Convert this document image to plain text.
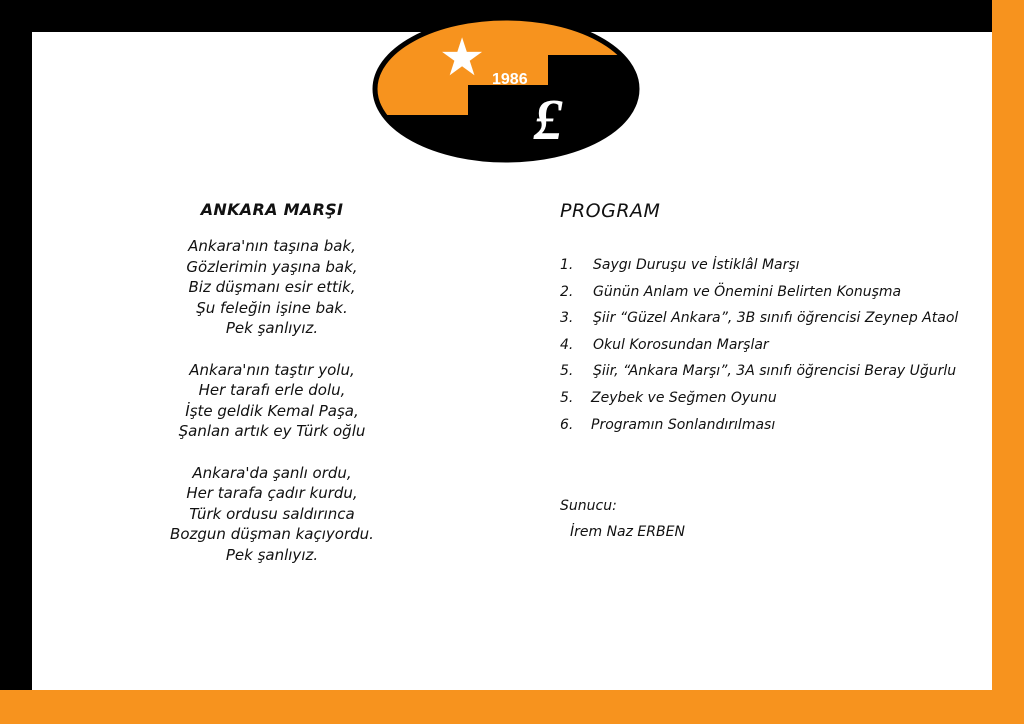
★ 1986
£
ANKARA MARŞI
Ankara'nın taşına bak,
Gözlerimin yaşına bak,
Biz düşmanı esir ettik,
Şu feleğin işine bak.
Pek şanlıyız.
Ankara'nın taştır yolu,
Her tarafı erle dolu,
İşte geldik Kemal Paşa,
Şanlan artık ey Türk oğlu
Ankara'da şanlı ordu,
Her tarafa çadır kurdu,
Türk ordusu saldırınca
Bozgun düşman kaçıyordu.
Pek şanlıyız.
PROGRAM
1.	Saygı Duruşu ve İstiklâl Marşı
2.	Günün Anlam ve Önemini Belirten Konuşma
3.	Şiir “Güzel Ankara”, 3B sınıfı öğrencisi Zeynep Ataol
4.	Okul Korosundan Marşlar
5.	Şiir, “Ankara Marşı”, 3A sınıfı öğrencisi Beray Uğurlu
5.	Zeybek ve Seğmen Oyunu
6.	Programın Sonlandırılması
Sunucu:
İrem Naz ERBEN
